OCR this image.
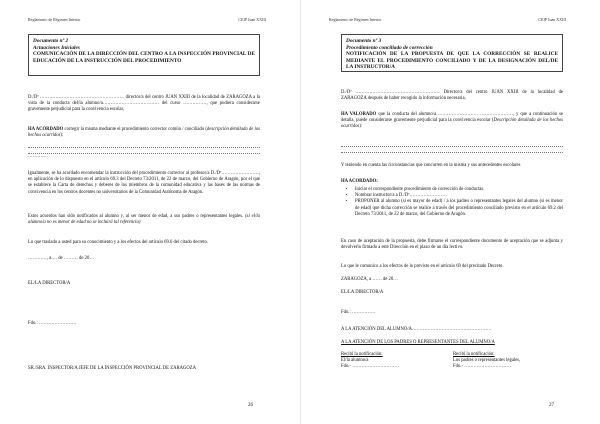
Reglamento de Régimen Interior	CEIP Juan XXIII
Documento nº 2
Actuaciones Iniciales
COMUNICACIÓN DE LA DIRECCIÓN DEL CENTRO A LA INSPECCIÓN PROVINCIAL DE EDUCACIÓN DE LA INSTRUCCIÓN DEL PROCEDIMIENTO
D./Dª ……………………………………………… director/a del centro JUAN XXIII de la localidad de ZARAGOZA a la vista de la conducta del/la alumno/a……………………………… del curso ……………, que pudiera considerarse gravemente perjudicial para la convivencia escolar,
HA ACORDADO corregir la misma mediante el procedimiento corrector común / conciliado (descripción detallada de los hechos ocurridos):
…………
Igualmente, se ha acordado encomendar la instrucción del procedimiento corrector al profesor/a D./Dª……………………, en aplicación de lo dispuesto en el artículo 69.3 del Decreto 73/2011, de 22 de marzo, del Gobierno de Aragón, por el que se establece la Carta de derechos y deberes de los miembros de la comunidad educativa y las bases de las normas de convivencia en los centros docentes no universitarios de la Comunidad Autónoma de Aragón.
Estos acuerdos han sido notificados al alumno y, al ser menor de edad, a sus padres o representantes legales. (si el/la alumno/a no es menor de edad no se incluirá tal referencia)
Lo que traslado a usted para su conocimiento y a los efectos del artículo 69.6 del citado decreto.
…………, a…. de ……… de 20…
EL/LA DIRECTOR/A
Fdo.: ……………………
SR./SRA. INSPECTOR/A JEFE DE LA INSPECCIÓN PROVINCIAL DE ZARAGOZA
26
Reglamento de Régimen Interior	CEIP Juan XXIII
Documento nº 3
Procedimiento conciliado de corrección
NOTIFICACIÓN DE LA PROPUESTA DE QUE LA CORRECCIÓN SE REALICE MEDIANTE EL PROCEDIMIENTO CONCILIADO Y DE LA DESIGNACIÓN DEL/DE LA INSTRUCTOR/A
D./Dª ……………………………………………… Director/a del centro JUAN XXIII de la localidad de ZARAGOZA después de haber recogido la información necesaria,
HA VALORADO que la conducta del alumno/a……………………… …………………, y que a continuación se detalla, puede considerarse gravemente perjudicial para la convivencia escolar (Descripción detallada de los hechos ocurridos):
Y teniendo en cuenta las circunstancias que concurren en la misma y sus antecedentes escolares
HA ACORDADO:
• Iniciar el correspondiente procedimiento de corrección de conductas.
• Nombrar instructor/a a D./Dª……………………
• PROPONER al alumno (si es mayor de edad) / a los padres o representantes legales del alumno (si es menor de edad) que dicha corrección se realice a través del procedimiento conciliado previsto en el artículo 69.2 del Decreto 73/2011, de 22 de marzo, del Gobierno de Aragón.
En caso de aceptación de la propuesta, debe firmarse el correspondiente documento de aceptación que se adjunta y devolverlo firmado a este Dirección en el plazo de un día lectivo.
Lo que le comunico a los efectos de lo previsto en el artículo 69 del precitado Decreto.
ZARAGOZA, a …… de 20…
EL/LA DIRECTOR/A
Fdo.: ……………
A LA ATENCIÓN DEL ALUMNO/A……………………………………………
A LA ATENCIÓN DE LOS PADRES O REPRESENTANTES DEL ALUMNO/A
Recibí la notificación:
El/la alumno/a
Fdo.- …………………………
Recibí la notificación:
Los padres o representantes legales,
Fdo.- …………………………
27
